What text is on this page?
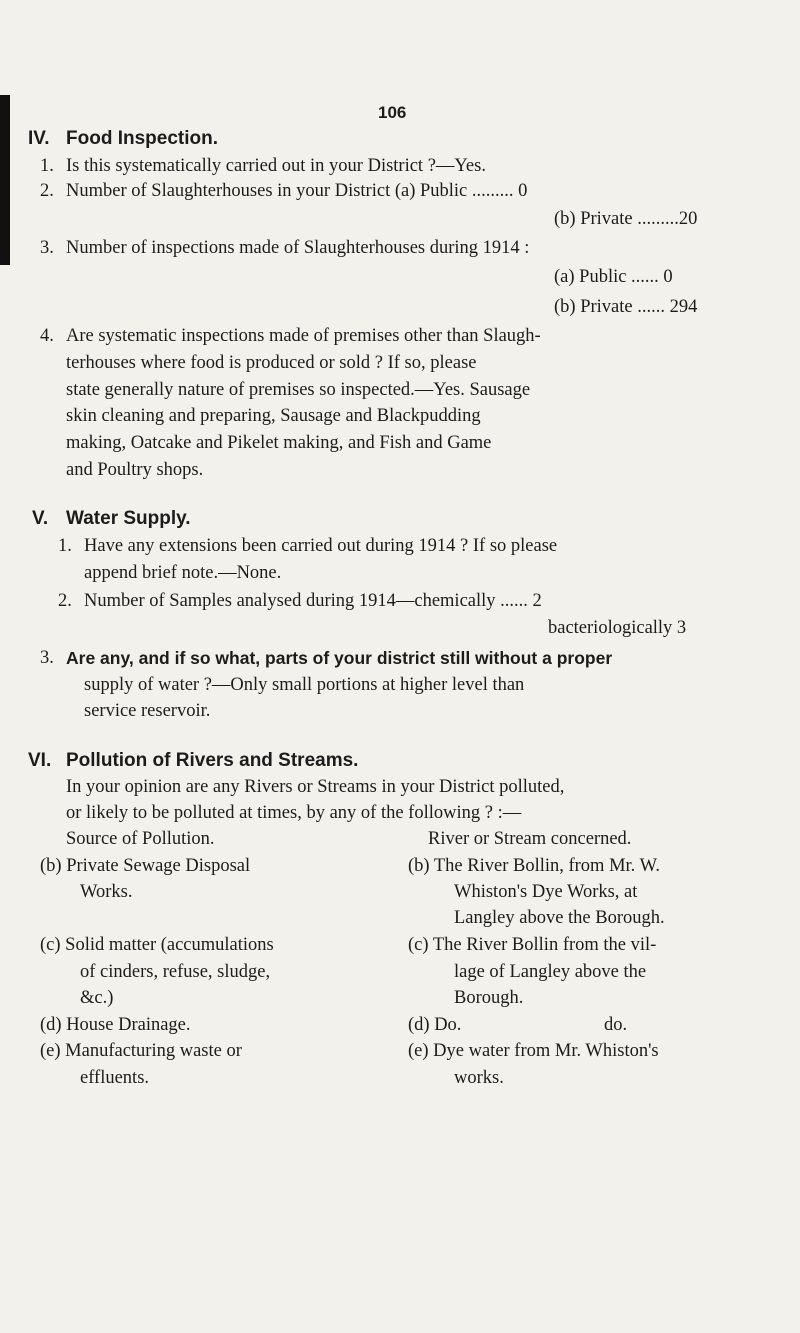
106
IV. Food Inspection.
1. Is this systematically carried out in your District ?—Yes.
2. Number of Slaughterhouses in your District (a) Public ......... 0
(b) Private .........20
3. Number of inspections made of Slaughterhouses during 1914 :
(a) Public ...... 0
(b) Private ...... 294
4. Are systematic inspections made of premises other than Slaugh-
terhouses where food is produced or sold ? If so, please
state generally nature of premises so inspected.—Yes. Sausage
skin cleaning and preparing, Sausage and Blackpudding
making, Oatcake and Pikelet making, and Fish and Game
and Poultry shops.
V. Water Supply.
1. Have any extensions been carried out during 1914 ? If so please
append brief note.—None.
2. Number of Samples analysed during 1914—chemically ...... 2
bacteriologically 3
3. Are any, and if so what, parts of your district still without a proper
supply of water ?—Only small portions at higher level than
service reservoir.
VI. Pollution of Rivers and Streams.
In your opinion are any Rivers or Streams in your District polluted,
or likely to be polluted at times, by any of the following ? :—
Source of Pollution.	River or Stream concerned.
(b) Private Sewage Disposal
Works.
(c) Solid matter (accumulations
of cinders, refuse, sludge,
&c.)
(d) House Drainage.
(e) Manufacturing waste or
effluents.
(b) The River Bollin, from Mr. W.
Whiston's Dye Works, at
Langley above the Borough.
(c) The River Bollin from the vil-
lage of Langley above the
Borough.
(d) Do.	do.
(e) Dye water from Mr. Whiston's
works.
